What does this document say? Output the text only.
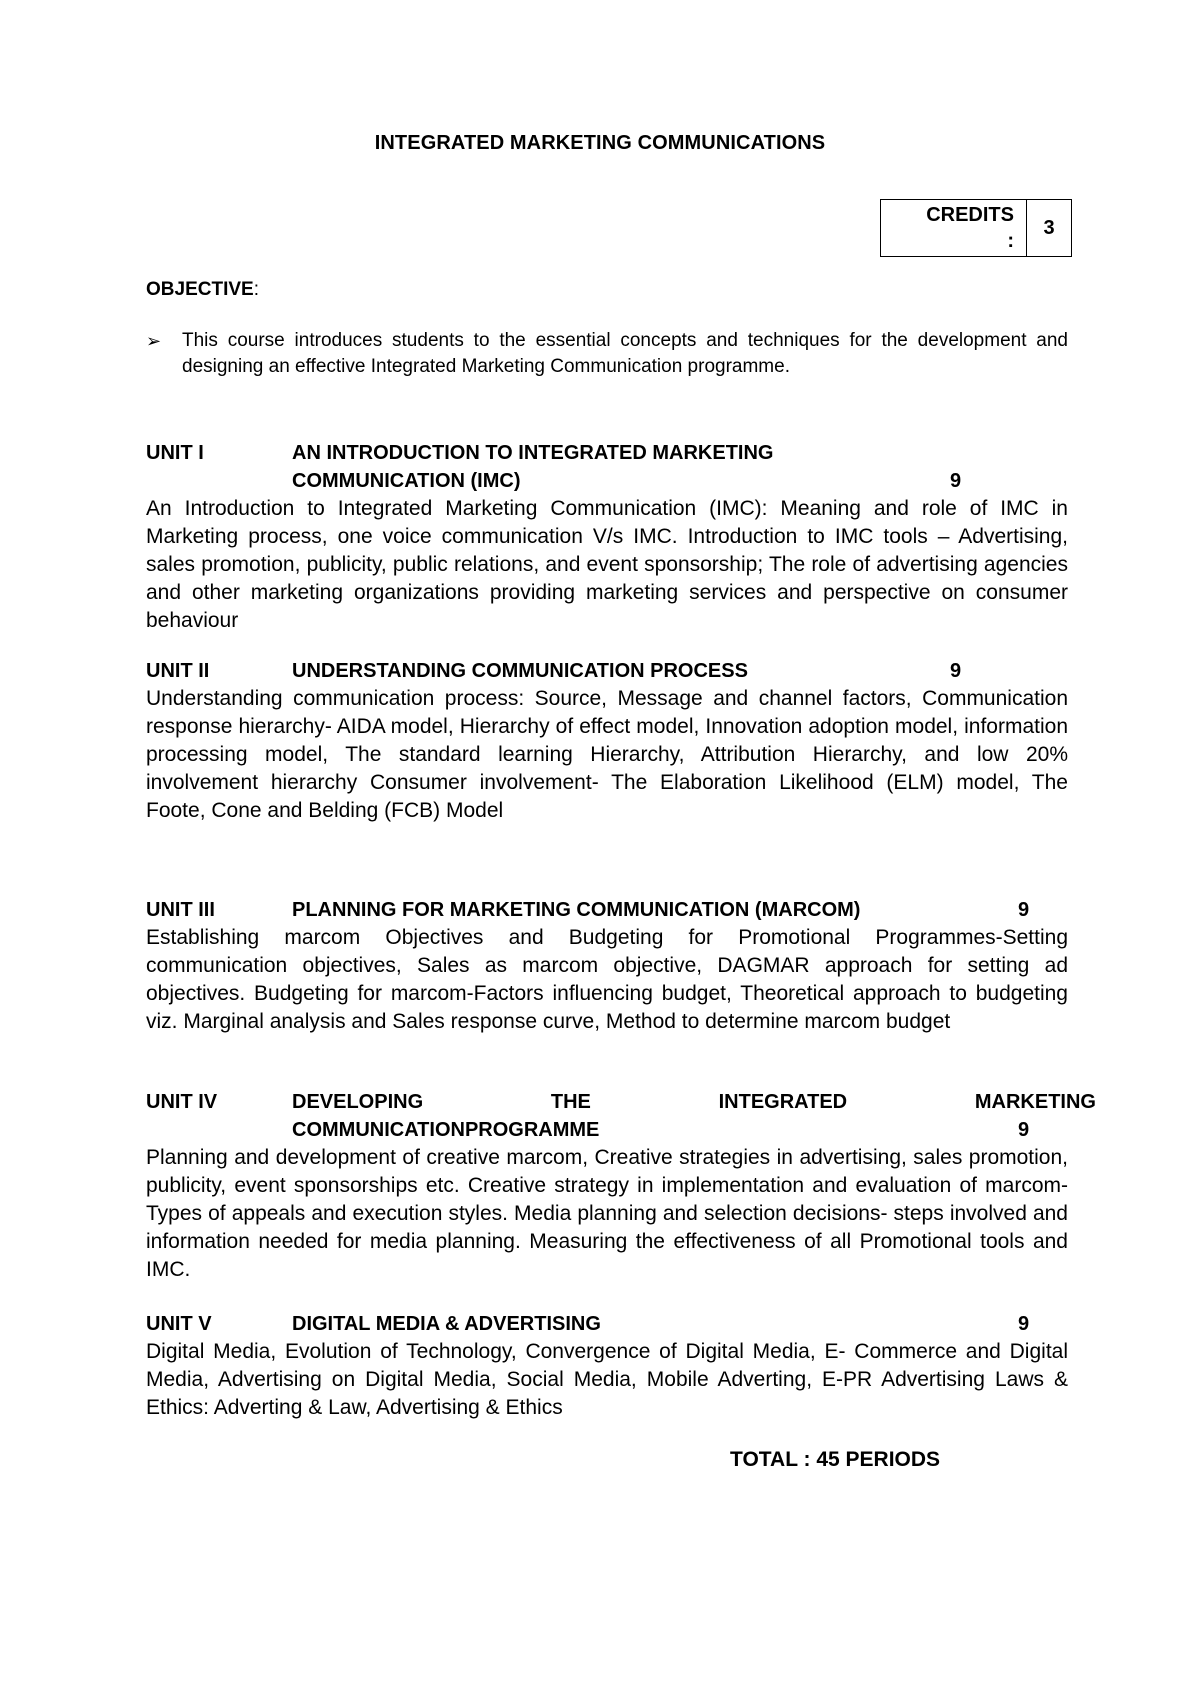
INTEGRATED MARKETING COMMUNICATIONS
CREDITS
:
	3
OBJECTIVE:
➢ This course introduces students to the essential concepts and techniques for the development and designing an effective Integrated Marketing Communication programme.
UNIT I	AN INTRODUCTION TO INTEGRATED MARKETING
COMMUNICATION (IMC)	9
An Introduction to Integrated Marketing Communication (IMC): Meaning and role of IMC in Marketing process, one voice communication V/s IMC. Introduction to IMC tools – Advertising, sales promotion, publicity, public relations, and event sponsorship; The role of advertising agencies and other marketing organizations providing marketing services and perspective on consumer behaviour
UNIT II	UNDERSTANDING COMMUNICATION PROCESS	9
Understanding communication process: Source, Message and channel factors, Communication response hierarchy- AIDA model, Hierarchy of effect model, Innovation adoption model, information processing model, The standard learning Hierarchy, Attribution Hierarchy, and low 20% involvement hierarchy Consumer involvement- The Elaboration Likelihood (ELM) model, The Foote, Cone and Belding (FCB) Model
UNIT III	PLANNING FOR MARKETING COMMUNICATION (MARCOM)	9
Establishing marcom Objectives and Budgeting for Promotional Programmes-Setting communication objectives, Sales as marcom objective, DAGMAR approach for setting ad objectives. Budgeting for marcom-Factors influencing budget, Theoretical approach to budgeting viz. Marginal analysis and Sales response curve, Method to determine marcom budget
UNIT IV	DEVELOPING	THE	INTEGRATED	MARKETING
COMMUNICATIONPROGRAMME	9
Planning and development of creative marcom, Creative strategies in advertising, sales promotion, publicity, event sponsorships etc. Creative strategy in implementation and evaluation of marcom- Types of appeals and execution styles. Media planning and selection decisions- steps involved and information needed for media planning. Measuring the effectiveness of all Promotional tools and IMC.
UNIT V	DIGITAL MEDIA & ADVERTISING	9
Digital Media, Evolution of Technology, Convergence of Digital Media, E- Commerce and Digital Media, Advertising on Digital Media, Social Media, Mobile Adverting, E-PR Advertising Laws & Ethics: Adverting & Law, Advertising & Ethics
TOTAL : 45 PERIODS
